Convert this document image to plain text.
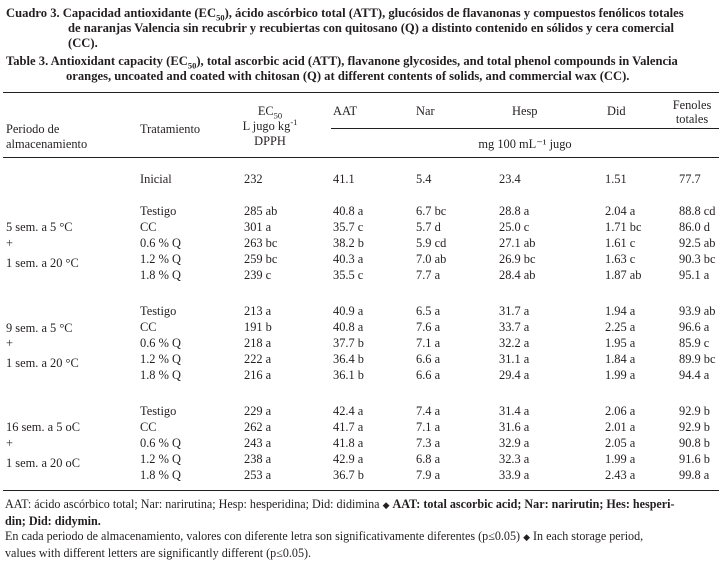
Cuadro 3. Capacidad antioxidante $(EC_{50})$, ácido ascórbico total (ATT), glucósidos de flavanonas y compuestos fenólicos totales
de naranjas Valencia sin recubrir y recubiertas con quitosano (Q) a distinto contenido en sólidos y cera comercial
(CC).
Table 3. Antioxidant capacity $(EC_{50})$, total ascorbic acid (ATT), flavanone glycosides, and total phenol compounds in Valencia
oranges, uncoated and coated with chitosan (Q) at different contents of solids, and commercial wax (CC).
Periodo de
almacenamiento
Tratamiento
$EC_{50}$
L jugo $kg^{-1}$
DPPH
AAT	Nar	Hesp	Did	Fenoles
totales
mg 100 mL⁻¹ jugo
Inicial	232	41.1	5.4	23.4	1.51	77.7
5 sem. a 5 °C
+
1 sem. a 20 °C
Testigo	285 ab	40.8 a	6.7 bc	28.8 a	2.04 a	88.8 cd
CC	301 a	35.7 c	5.7 d	25.0 c	1.71 bc	86.0 d
0.6 % Q	263 bc	38.2 b	5.9 cd	27.1 ab	1.61 c	92.5 ab
1.2 % Q	259 bc	40.3 a	7.0 ab	26.9 bc	1.63 c	90.3 bc
1.8 % Q	239 c	35.5 c	7.7 a	28.4 ab	1.87 ab	95.1 a
9 sem. a 5 °C
+
1 sem. a 20 °C
Testigo	213 a	40.9 a	6.5 a	31.7 a	1.94 a	93.9 ab
CC	191 b	40.8 a	7.6 a	33.7 a	2.25 a	96.6 a
0.6 % Q	218 a	37.7 b	7.1 a	32.2 a	1.95 a	85.9 c
1.2 % Q	222 a	36.4 b	6.6 a	31.1 a	1.84 a	89.9 bc
1.8 % Q	216 a	36.1 b	6.6 a	29.4 a	1.99 a	94.4 a
16 sem. a 5 oC
+
1 sem. a 20 oC
Testigo	229 a	42.4 a	7.4 a	31.4 a	2.06 a	92.9 b
CC	262 a	41.7 a	7.1 a	31.6 a	2.01 a	92.9 b
0.6 % Q	243 a	41.8 a	7.3 a	32.9 a	2.05 a	90.8 b
1.2 % Q	238 a	42.9 a	6.8 a	32.3 a	1.99 a	91.6 b
1.8 % Q	253 a	36.7 b	7.9 a	33.9 a	2.43 a	99.8 a
AAT: ácido ascórbico total; Nar: narirutina; Hesp: hesperidina; Did: didimina ◆ AAT: total ascorbic acid; Nar: narirutin; Hes: hesperi-
din; Did: didymin.
En cada periodo de almacenamiento, valores con diferente letra son significativamente diferentes (p≤0.05) ◆ In each storage period,
values with different letters are significantly different (p≤0.05).
